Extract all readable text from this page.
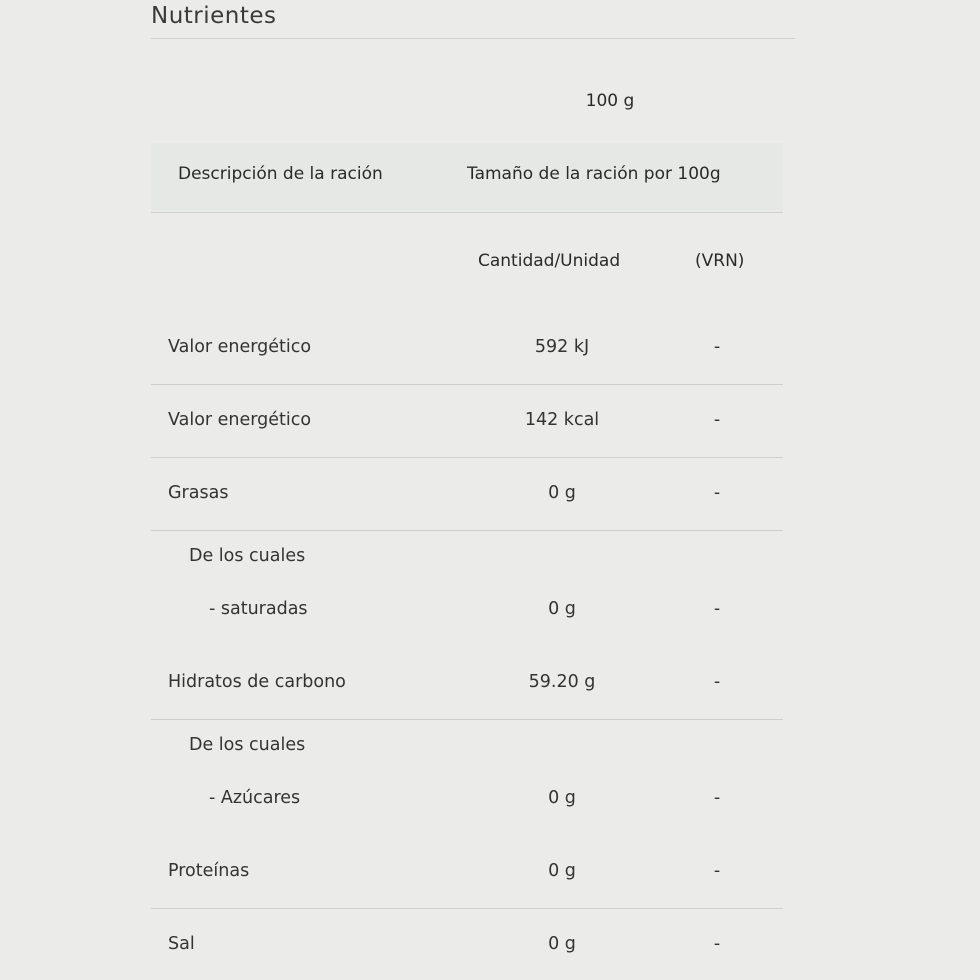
Nutrientes
100 g
Descripción de la ración	Tamaño de la ración por 100g
Cantidad/Unidad	(VRN)
Valor energético	592 kJ	-
Valor energético	142 kcal	-
Grasas	0 g	-
De los cuales
- saturadas	0 g	-
Hidratos de carbono	59.20 g	-
De los cuales
- Azúcares	0 g	-
Proteínas	0 g	-
Sal	0 g	-
